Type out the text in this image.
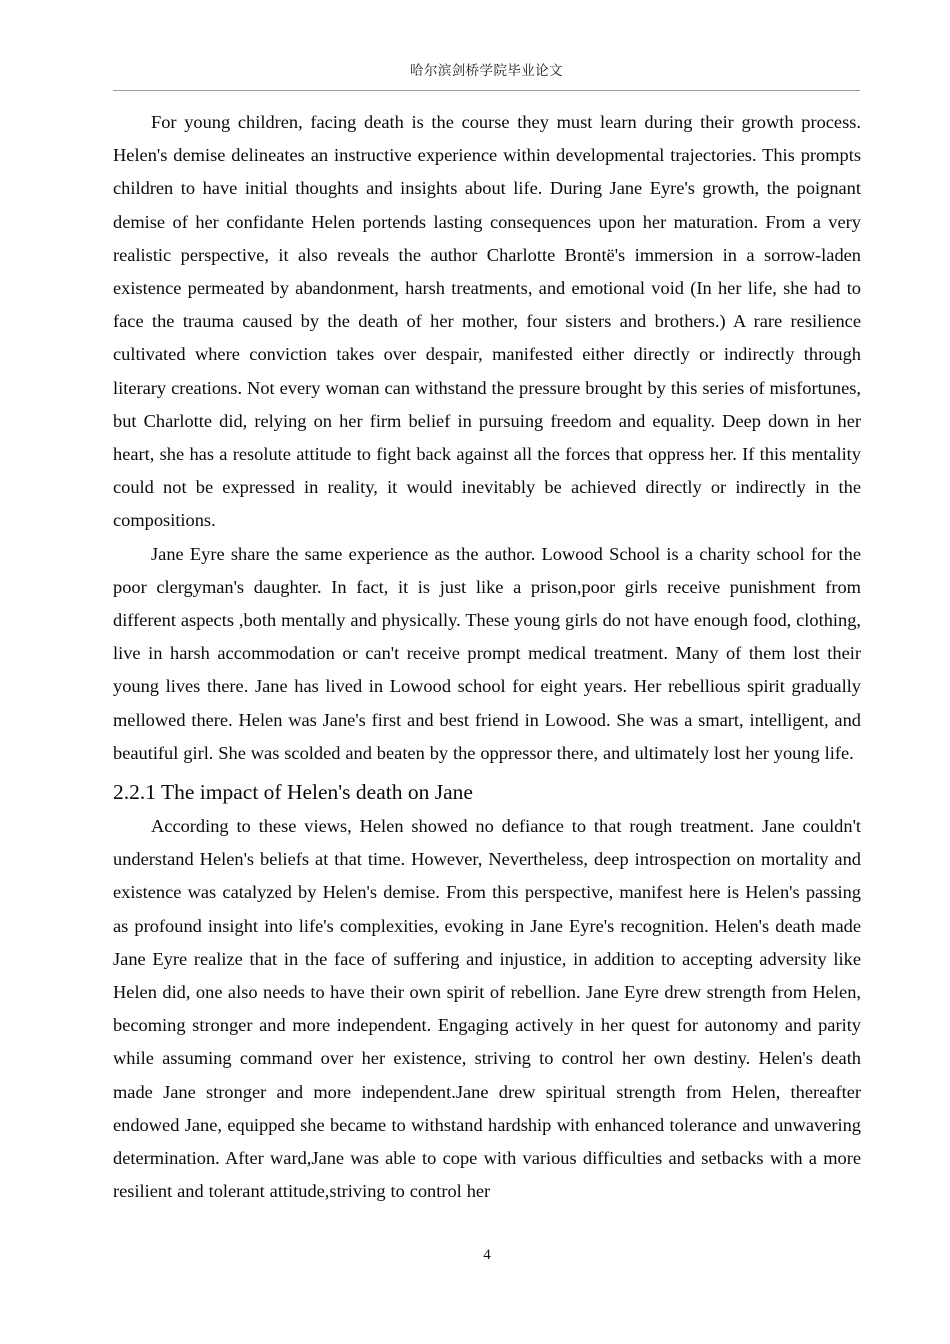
哈尔滨剑桥学院毕业论文

For young children, facing death is the course they must learn during their growth process. Helen's demise delineates an instructive experience within developmental trajectories. This prompts children to have initial thoughts and insights about life. During Jane Eyre's growth, the poignant demise of her confidante Helen portends lasting consequences upon her maturation. From a very realistic perspective, it also reveals the author Charlotte Brontë's immersion in a sorrow-laden existence permeated by abandonment, harsh treatments, and emotional void (In her life, she had to face the trauma caused by the death of her mother, four sisters and brothers.) A rare resilience cultivated where conviction takes over despair, manifested either directly or indirectly through literary creations. Not every woman can withstand the pressure brought by this series of misfortunes, but Charlotte did, relying on her firm belief in pursuing freedom and equality. Deep down in her heart, she has a resolute attitude to fight back against all the forces that oppress her. If this mentality could not be expressed in reality, it would inevitably be achieved directly or indirectly in the compositions.

Jane Eyre share the same experience as the author. Lowood School is a charity school for the poor clergyman's daughter. In fact, it is just like a prison,poor girls receive punishment from different aspects ,both mentally and physically. These young girls do not have enough food, clothing, live in harsh accommodation or can't receive prompt medical treatment. Many of them lost their young lives there. Jane has lived in Lowood school for eight years. Her rebellious spirit gradually mellowed there. Helen was Jane's first and best friend in Lowood. She was a smart, intelligent, and beautiful girl. She was scolded and beaten by the oppressor there, and ultimately lost her young life.

2.2.1 The impact of Helen's death on Jane

According to these views, Helen showed no defiance to that rough treatment. Jane couldn't understand Helen's beliefs at that time. However, Nevertheless, deep introspection on mortality and existence was catalyzed by Helen's demise. From this perspective, manifest here is Helen's passing as profound insight into life's complexities, evoking in Jane Eyre's recognition. Helen's death made Jane Eyre realize that in the face of suffering and injustice, in addition to accepting adversity like Helen did, one also needs to have their own spirit of rebellion. Jane Eyre drew strength from Helen, becoming stronger and more independent. Engaging actively in her quest for autonomy and parity while assuming command over her existence, striving to control her own destiny. Helen's death made Jane stronger and more independent.Jane drew spiritual strength from Helen, thereafter endowed Jane, equipped she became to withstand hardship with enhanced tolerance and unwavering determination. After ward,Jane was able to cope with various difficulties and setbacks with a more resilient and tolerant attitude,striving to control her

4
